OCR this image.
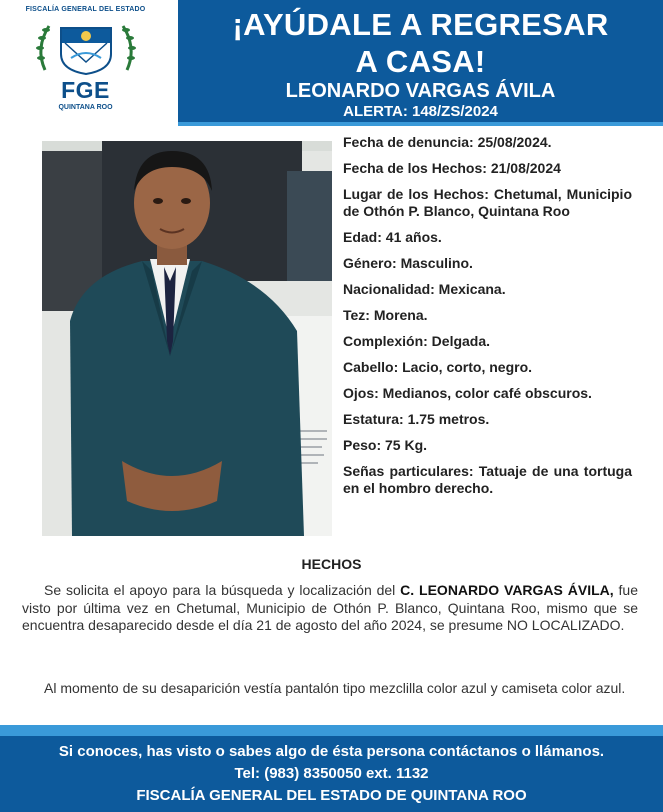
FISCALÍA GENERAL DEL ESTADO
FGE
QUINTANA ROO
¡AYÚDALE A REGRESAR
A CASA!
LEONARDO VARGAS ÁVILA
ALERTA: 148/ZS/2024
Fecha de denuncia: 25/08/2024.
Fecha de los Hechos: 21/08/2024
Lugar de los Hechos: Chetumal, Municipio de Othón P. Blanco, Quintana Roo
Edad: 41 años.
Género: Masculino.
Nacionalidad: Mexicana.
Tez: Morena.
Complexión: Delgada.
Cabello: Lacio, corto, negro.
Ojos: Medianos, color café obscuros.
Estatura: 1.75 metros.
Peso: 75 Kg.
Señas particulares: Tatuaje de una tortuga en el hombro derecho.
HECHOS
Se solicita el apoyo para la búsqueda y localización del C. LEONARDO VARGAS ÁVILA, fue visto por última vez en Chetumal, Municipio de Othón P. Blanco, Quintana Roo, mismo que se encuentra desaparecido desde el día 21 de agosto del año 2024, se presume NO LOCALIZADO.
Al momento de su desaparición vestía pantalón tipo mezclilla color azul y camiseta color azul.
Si conoces, has visto o sabes algo de ésta persona contáctanos o llámanos.
Tel: (983) 8350050 ext. 1132
FISCALÍA GENERAL DEL ESTADO DE QUINTANA ROO
